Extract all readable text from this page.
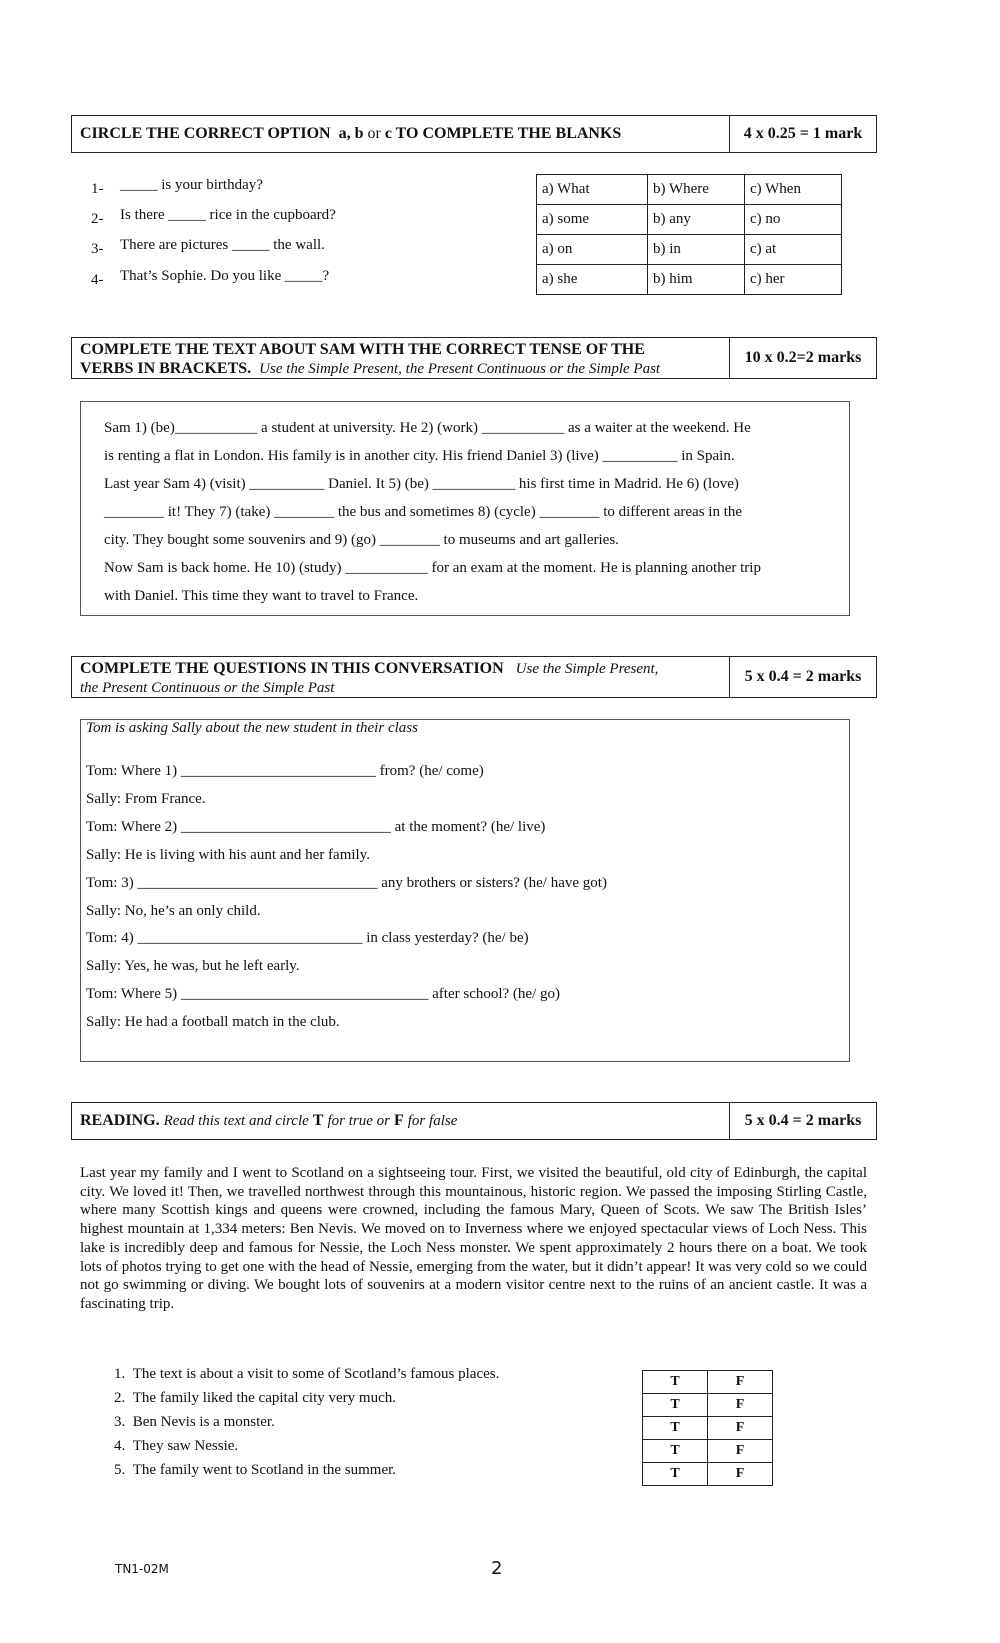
CIRCLE THE CORRECT OPTION
a, b
or
c TO COMPLETE THE BLANKS	4 x 0.25 = 1 mark
1- _____ is your birthday?
2- Is there _____ rice in the cupboard?
3- There are pictures _____ the wall.
4- That’s Sophie. Do you like _____?
a) What	b) Where	c) When
a) some	b) any	c) no
a) on	b) in	c) at
a) she	b) him	c) her
COMPLETE THE TEXT ABOUT SAM WITH THE CORRECT TENSE OF THE
VERBS IN BRACKETS. Use the Simple Present, the Present Continuous or the Simple Past
10 x 0.2=2 marks
Sam 1) (be)___________ a student at university. He 2) (work) ___________ as a waiter at the weekend. He
is renting a flat in London. His family is in another city. His friend Daniel 3) (live) __________ in Spain.
Last year Sam 4) (visit) __________ Daniel. It 5) (be) ___________ his first time in Madrid. He 6) (love)
________ it! They 7) (take) ________ the bus and sometimes 8) (cycle) ________ to different areas in the
city. They bought some souvenirs and 9) (go) ________ to museums and art galleries.
Now Sam is back home. He 10) (study) ___________ for an exam at the moment. He is planning another trip
with Daniel. This time they want to travel to France.
COMPLETE THE QUESTIONS IN THIS CONVERSATION Use the Simple Present,
the Present Continuous or the Simple Past
5 x 0.4 = 2 marks
Tom is asking Sally about the new student in their class
Tom: Where 1) __________________________ from? (he/ come)
Sally: From France.
Tom: Where 2) ____________________________ at the moment? (he/ live)
Sally: He is living with his aunt and her family.
Tom: 3) ________________________________ any brothers or sisters? (he/ have got)
Sally: No, he’s an only child.
Tom: 4) ______________________________ in class yesterday? (he/ be)
Sally: Yes, he was, but he left early.
Tom: Where 5) _________________________________ after school? (he/ go)
Sally: He had a football match in the club.
READING.
Read this text and circle
T
for true or
F
for false	5 x 0.4 = 2 marks
Last year my family and I went to Scotland on a sightseeing tour. First, we visited the beautiful, old city of Edinburgh, the capital city. We loved it! Then, we travelled northwest through this mountainous, historic region. We passed the imposing Stirling Castle, where many Scottish kings and queens were crowned, including the famous Mary, Queen of Scots. We saw The British Isles’ highest mountain at 1,334 meters: Ben Nevis. We moved on to Inverness where we enjoyed spectacular views of Loch Ness. This lake is incredibly deep and famous for Nessie, the Loch Ness monster. We spent approximately 2 hours there on a boat. We took lots of photos trying to get one with the head of Nessie, emerging from the water, but it didn’t appear! It was very cold so we could not go swimming or diving. We bought lots of souvenirs at a modern visitor centre next to the ruins of an ancient castle. It was a fascinating trip.
1. The text is about a visit to some of Scotland’s famous places.
2. The family liked the capital city very much.
3. Ben Nevis is a monster.
4. They saw Nessie.
5. The family went to Scotland in the summer.
T	F
T	F
T	F
T	F
T	F
TN1-02M	2
